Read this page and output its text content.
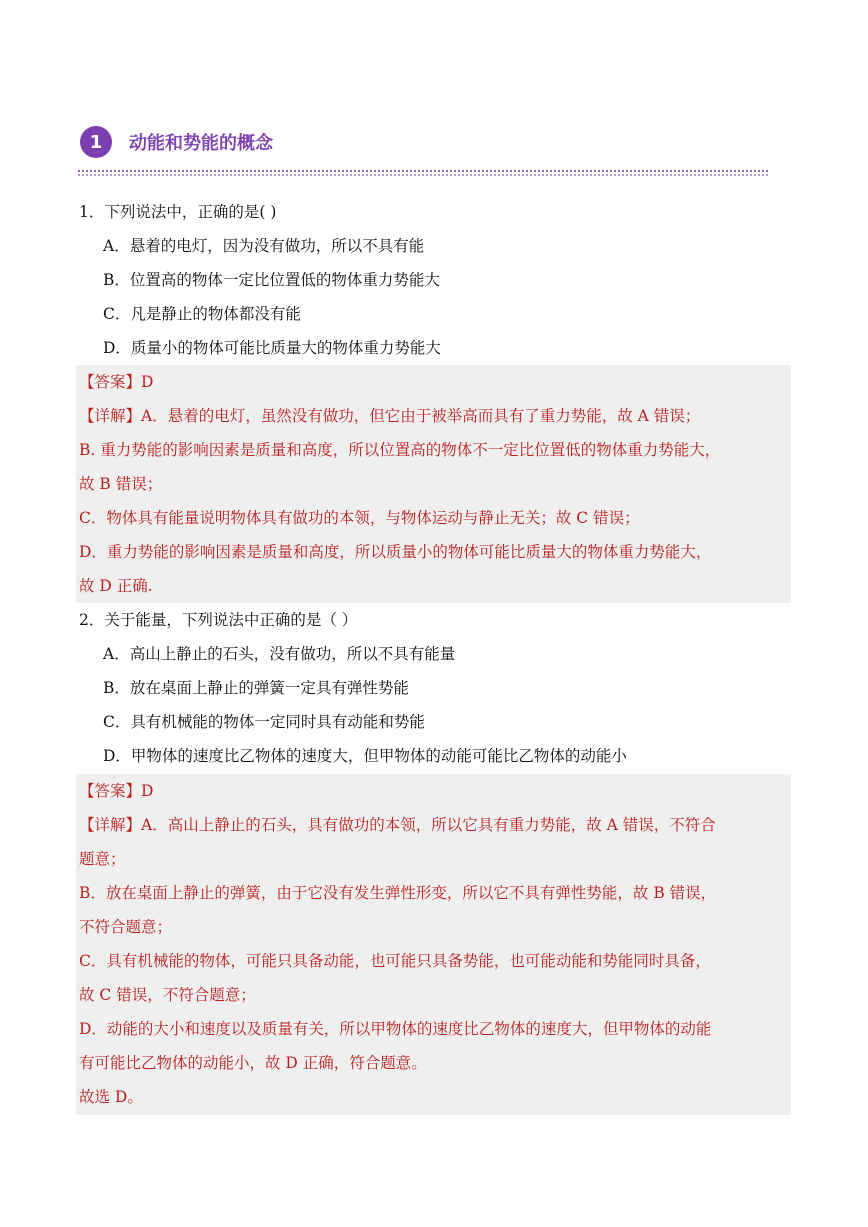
1	动能和势能的概念
1．下列说法中，正确的是( )
A．悬着的电灯，因为没有做功，所以不具有能
B．位置高的物体一定比位置低的物体重力势能大
C．凡是静止的物体都没有能
D．质量小的物体可能比质量大的物体重力势能大
【答案】D
【详解】A．悬着的电灯，虽然没有做功，但它由于被举高而具有了重力势能，故 A 错误；
B. 重力势能的影响因素是质量和高度，所以位置高的物体不一定比位置低的物体重力势能大，
故 B 错误；
C．物体具有能量说明物体具有做功的本领，与物体运动与静止无关；故 C 错误；
D．重力势能的影响因素是质量和高度，所以质量小的物体可能比质量大的物体重力势能大，
故 D 正确.
2．关于能量，下列说法中正确的是（ ）
A．高山上静止的石头，没有做功，所以不具有能量
B．放在桌面上静止的弹簧一定具有弹性势能
C．具有机械能的物体一定同时具有动能和势能
D．甲物体的速度比乙物体的速度大，但甲物体的动能可能比乙物体的动能小
【答案】D
【详解】A．高山上静止的石头，具有做功的本领，所以它具有重力势能，故 A 错误，不符合
题意；
B．放在桌面上静止的弹簧，由于它没有发生弹性形变，所以它不具有弹性势能，故 B 错误，
不符合题意；
C．具有机械能的物体，可能只具备动能，也可能只具备势能，也可能动能和势能同时具备，
故 C 错误，不符合题意；
D．动能的大小和速度以及质量有关，所以甲物体的速度比乙物体的速度大，但甲物体的动能
有可能比乙物体的动能小，故 D 正确，符合题意。
故选 D。
